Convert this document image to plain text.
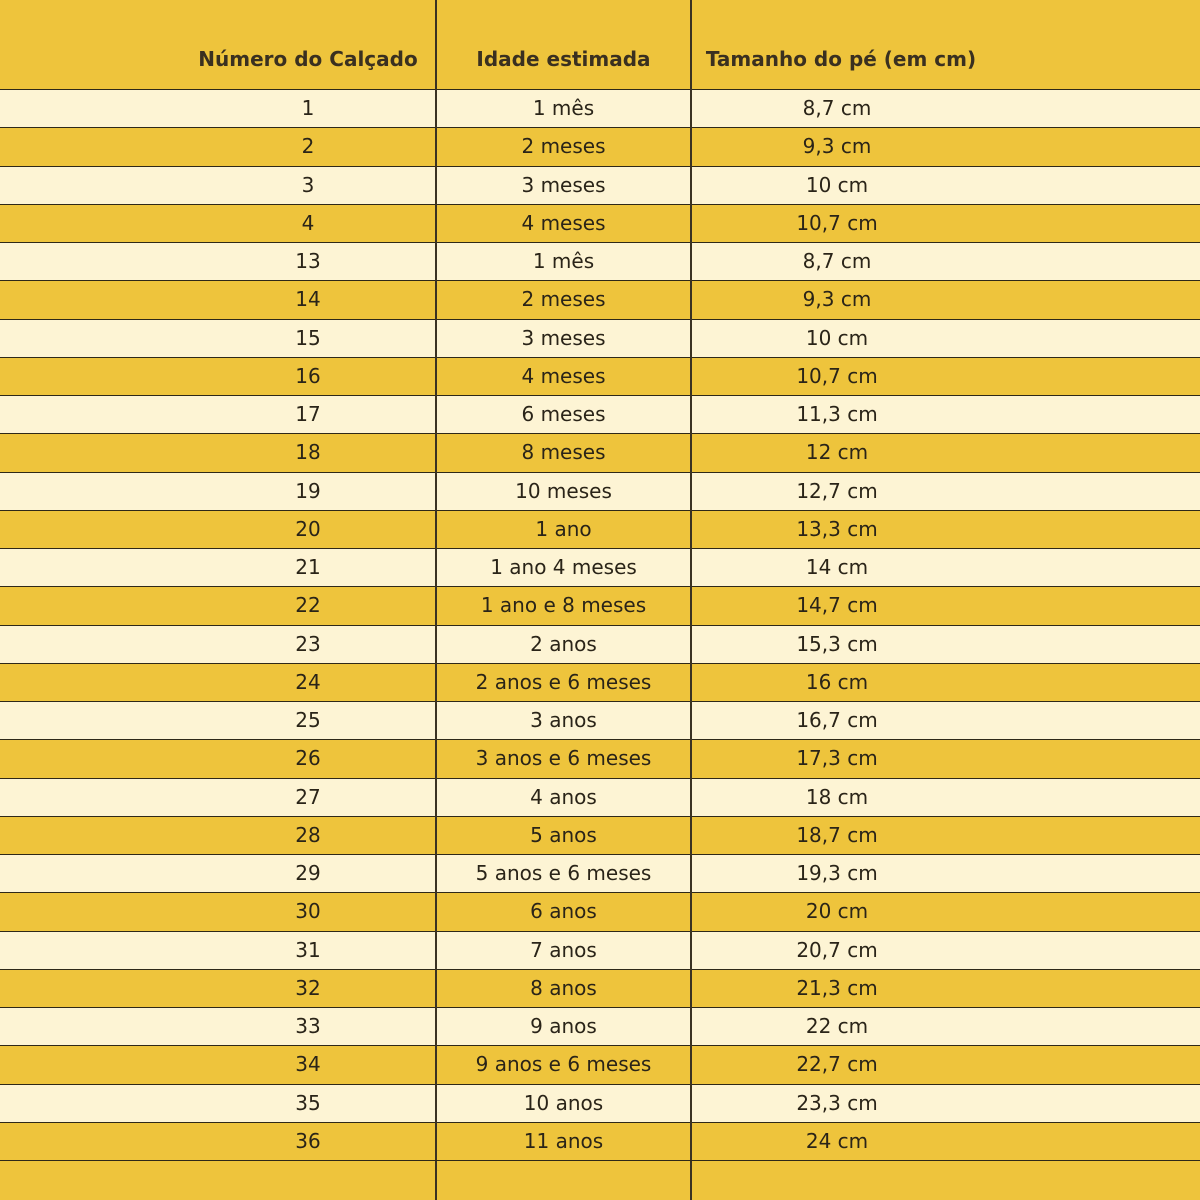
Número do Calçado	Idade estimada	Tamanho do pé (em cm)
1	1 mês	8,7 cm
2	2 meses	9,3 cm
3	3 meses	10 cm
4	4 meses	10,7 cm
13	1 mês	8,7 cm
14	2 meses	9,3 cm
15	3 meses	10 cm
16	4 meses	10,7 cm
17	6 meses	11,3 cm
18	8 meses	12 cm
19	10 meses	12,7 cm
20	1 ano	13,3 cm
21	1 ano 4 meses	14 cm
22	1 ano e 8 meses	14,7 cm
23	2 anos	15,3 cm
24	2 anos e 6 meses	16 cm
25	3 anos	16,7 cm
26	3 anos e 6 meses	17,3 cm
27	4 anos	18 cm
28	5 anos	18,7 cm
29	5 anos e 6 meses	19,3 cm
30	6 anos	20 cm
31	7 anos	20,7 cm
32	8 anos	21,3 cm
33	9 anos	22 cm
34	9 anos e 6 meses	22,7 cm
35	10 anos	23,3 cm
36	11 anos	24 cm
